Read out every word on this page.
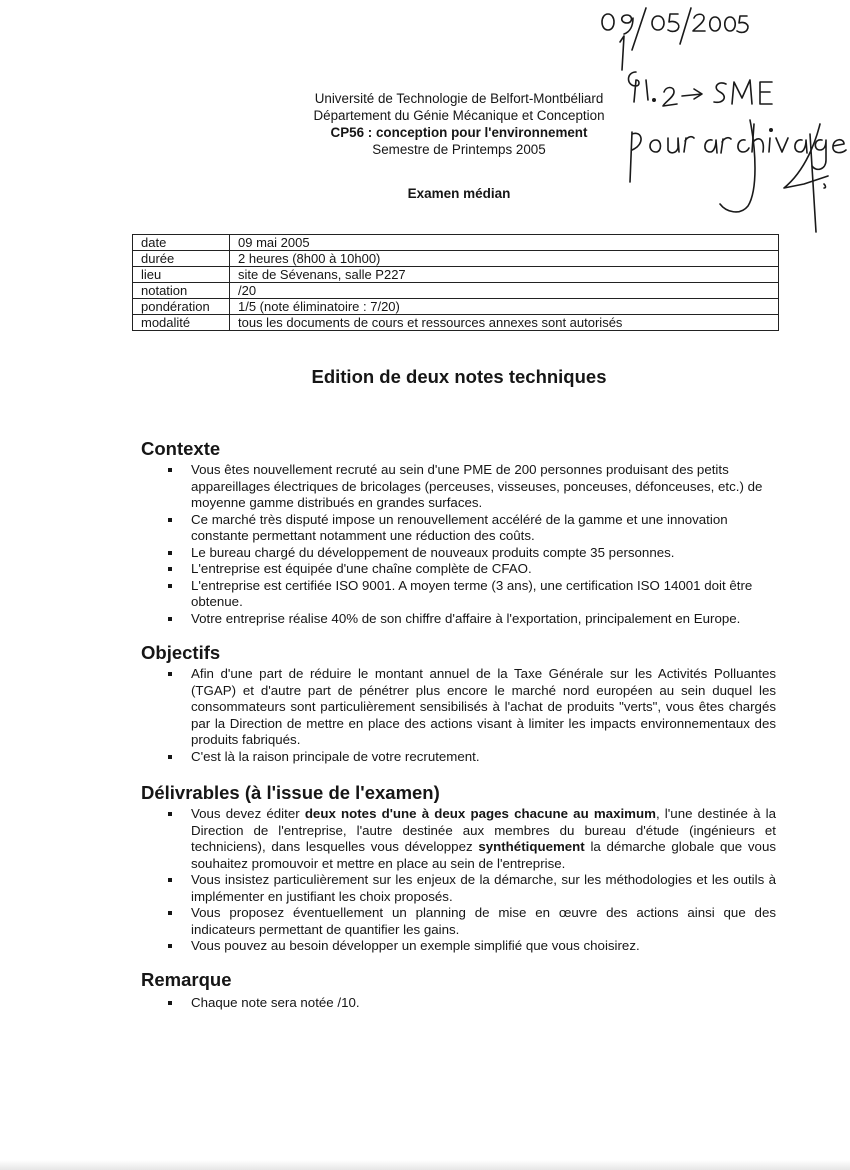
Université de Technologie de Belfort-Montbéliard
Département du Génie Mécanique et Conception
CP56 : conception pour l'environnement
Semestre de Printemps 2005
Examen médian
date	09 mai 2005
durée	2 heures (8h00 à 10h00)
lieu	site de Sévenans, salle P227
notation	/20
pondération	1/5 (note éliminatoire : 7/20)
modalité	tous les documents de cours et ressources annexes sont autorisés
Edition de deux notes techniques
Contexte
Vous êtes nouvellement recruté au sein d'une PME de 200 personnes produisant des petits appareillages électriques de bricolages (perceuses, visseuses, ponceuses, défonceuses, etc.) de moyenne gamme distribués en grandes surfaces.
Ce marché très disputé impose un renouvellement accéléré de la gamme et une innovation constante permettant notamment une réduction des coûts.
Le bureau chargé du développement de nouveaux produits compte 35 personnes.
L'entreprise est équipée d'une chaîne complète de CFAO.
L'entreprise est certifiée ISO 9001. A moyen terme (3 ans), une certification ISO 14001 doit être obtenue.
Votre entreprise réalise 40% de son chiffre d'affaire à l'exportation, principalement en Europe.
Objectifs
Afin d'une part de réduire le montant annuel de la Taxe Générale sur les Activités Polluantes (TGAP) et d'autre part de pénétrer plus encore le marché nord européen au sein duquel les consommateurs sont particulièrement sensibilisés à l'achat de produits "verts", vous êtes chargés par la Direction de mettre en place des actions visant à limiter les impacts environnementaux des produits fabriqués.
C'est là la raison principale de votre recrutement.
Délivrables (à l'issue de l'examen)
Vous devez éditer deux notes d'une à deux pages chacune au maximum, l'une destinée à la Direction de l'entreprise, l'autre destinée aux membres du bureau d'étude (ingénieurs et techniciens), dans lesquelles vous développez synthétiquement la démarche globale que vous souhaitez promouvoir et mettre en place au sein de l'entreprise.
Vous insistez particulièrement sur les enjeux de la démarche, sur les méthodologies et les outils à implémenter en justifiant les choix proposés.
Vous proposez éventuellement un planning de mise en œuvre des actions ainsi que des indicateurs permettant de quantifier les gains.
Vous pouvez au besoin développer un exemple simplifié que vous choisirez.
Remarque
Chaque note sera notée /10.
